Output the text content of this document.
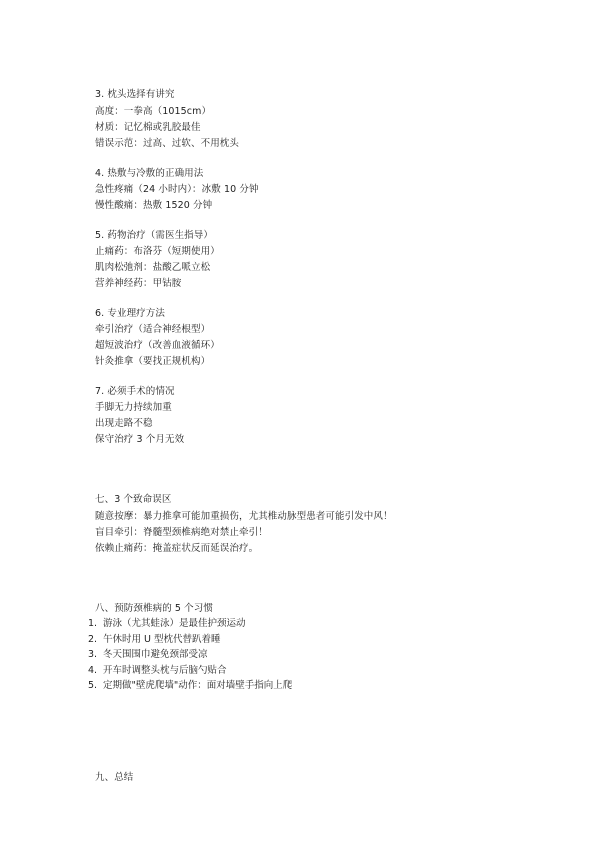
3. 枕头选择有讲究
高度：一拳高（1015cm）
材质：记忆棉或乳胶最佳
错误示范：过高、过软、不用枕头
4. 热敷与冷敷的正确用法
急性疼痛（24 小时内）：冰敷 10 分钟
慢性酸痛：热敷 1520 分钟
5. 药物治疗（需医生指导）
止痛药：布洛芬（短期使用）
肌肉松弛剂：盐酸乙哌立松
营养神经药：甲钴胺
6. 专业理疗方法
牵引治疗（适合神经根型）
超短波治疗（改善血液循环）
针灸推拿（要找正规机构）
7. 必须手术的情况
手脚无力持续加重
出现走路不稳
保守治疗 3 个月无效
七、3 个致命误区
随意按摩：暴力推拿可能加重损伤，尤其椎动脉型患者可能引发中风！
盲目牵引：脊髓型颈椎病绝对禁止牵引！
依赖止痛药：掩盖症状反而延误治疗。
八、预防颈椎病的 5 个习惯
1. 游泳（尤其蛙泳）是最佳护颈运动
2. 午休时用 U 型枕代替趴着睡
3. 冬天围围巾避免颈部受凉
4. 开车时调整头枕与后脑勺贴合
5. 定期做"壁虎爬墙"动作：面对墙壁手指向上爬
九、总结
